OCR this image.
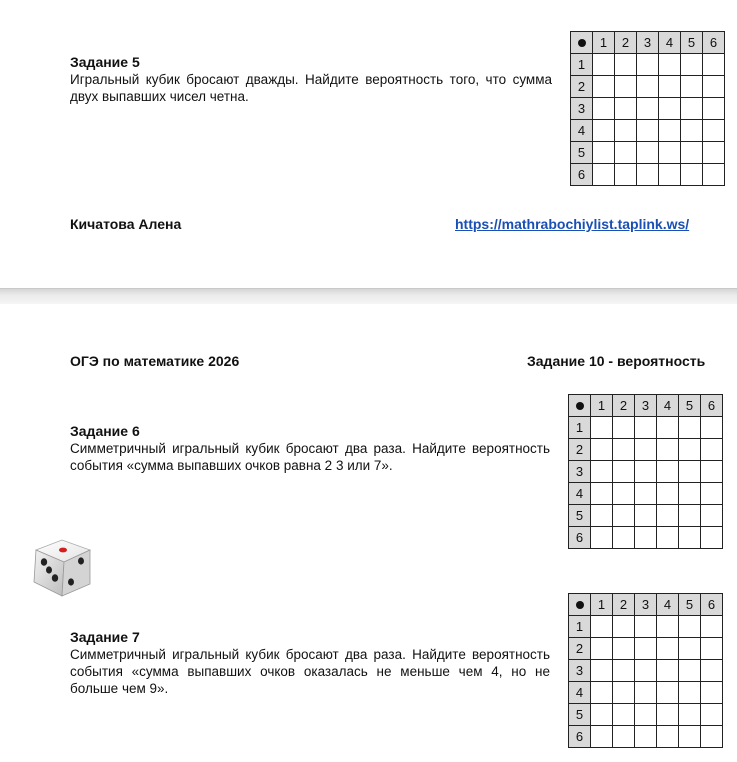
Задание 5
Игральный кубик бросают дважды. Найдите вероятность того, что сумма двух выпавших чисел четна.
	1	2	3	4	5	6
1						
2						
3						
4						
5						
6						
Кичатова Алена	https://mathrabochiylist.taplink.ws/
ОГЭ по математике 2026	Задание 10 - вероятность
Задание 6
Симметричный игральный кубик бросают два раза. Найдите вероятность события «сумма выпавших очков равна 2 3 или 7».
	1	2	3	4	5	6
1						
2						
3						
4						
5						
6						
Задание 7
Симметричный игральный кубик бросают два раза. Найдите вероятность события «сумма выпавших очков оказалась не меньше чем 4, но не больше чем 9».
	1	2	3	4	5	6
1						
2						
3						
4						
5						
6						
